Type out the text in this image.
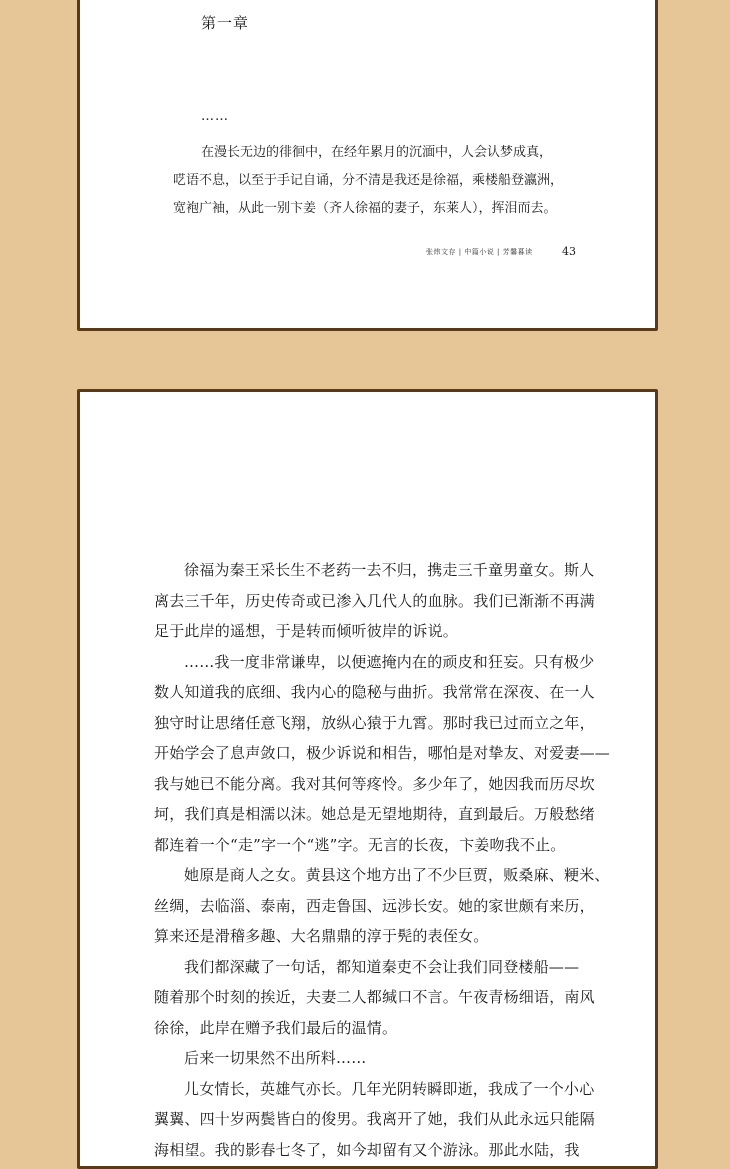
第一章
……
在漫长无边的徘徊中，在经年累月的沉湎中，人会认梦成真，
呓语不息，以至于手记自诵，分不清是我还是徐福，乘楼船登瀛洲，
宽袍广袖，从此一别卞姜（齐人徐福的妻子，东莱人），挥泪而去。
张炜文存 | 中篇小说 | 芳馨暮读	43
徐福为秦王采长生不老药一去不归，携走三千童男童女。斯人
离去三千年，历史传奇或已渗入几代人的血脉。我们已渐渐不再满
足于此岸的遥想，于是转而倾听彼岸的诉说。
……我一度非常谦卑，以便遮掩内在的顽皮和狂妄。只有极少
数人知道我的底细、我内心的隐秘与曲折。我常常在深夜、在一人
独守时让思绪任意飞翔，放纵心猿于九霄。那时我已过而立之年，
开始学会了息声敛口，极少诉说和相告，哪怕是对挚友、对爱妻——
我与她已不能分离。我对其何等疼怜。多少年了，她因我而历尽坎
坷，我们真是相濡以沫。她总是无望地期待，直到最后。万般愁绪
都连着一个“走”字一个“逃”字。无言的长夜，卞姜吻我不止。
她原是商人之女。黄县这个地方出了不少巨贾，贩桑麻、粳米、
丝绸，去临淄、泰南，西走鲁国、远涉长安。她的家世颇有来历，
算来还是滑稽多趣、大名鼎鼎的淳于髡的表侄女。
我们都深藏了一句话，都知道秦吏不会让我们同登楼船——
随着那个时刻的挨近，夫妻二人都缄口不言。午夜青杨细语，南风
徐徐，此岸在赠予我们最后的温情。
后来一切果然不出所料……
儿女情长，英雄气亦长。几年光阴转瞬即逝，我成了一个小心
翼翼、四十岁两鬓皆白的俊男。我离开了她，我们从此永远只能隔
海相望。我的影春七冬了，如今却留有又个游泳。那此水陆，我
